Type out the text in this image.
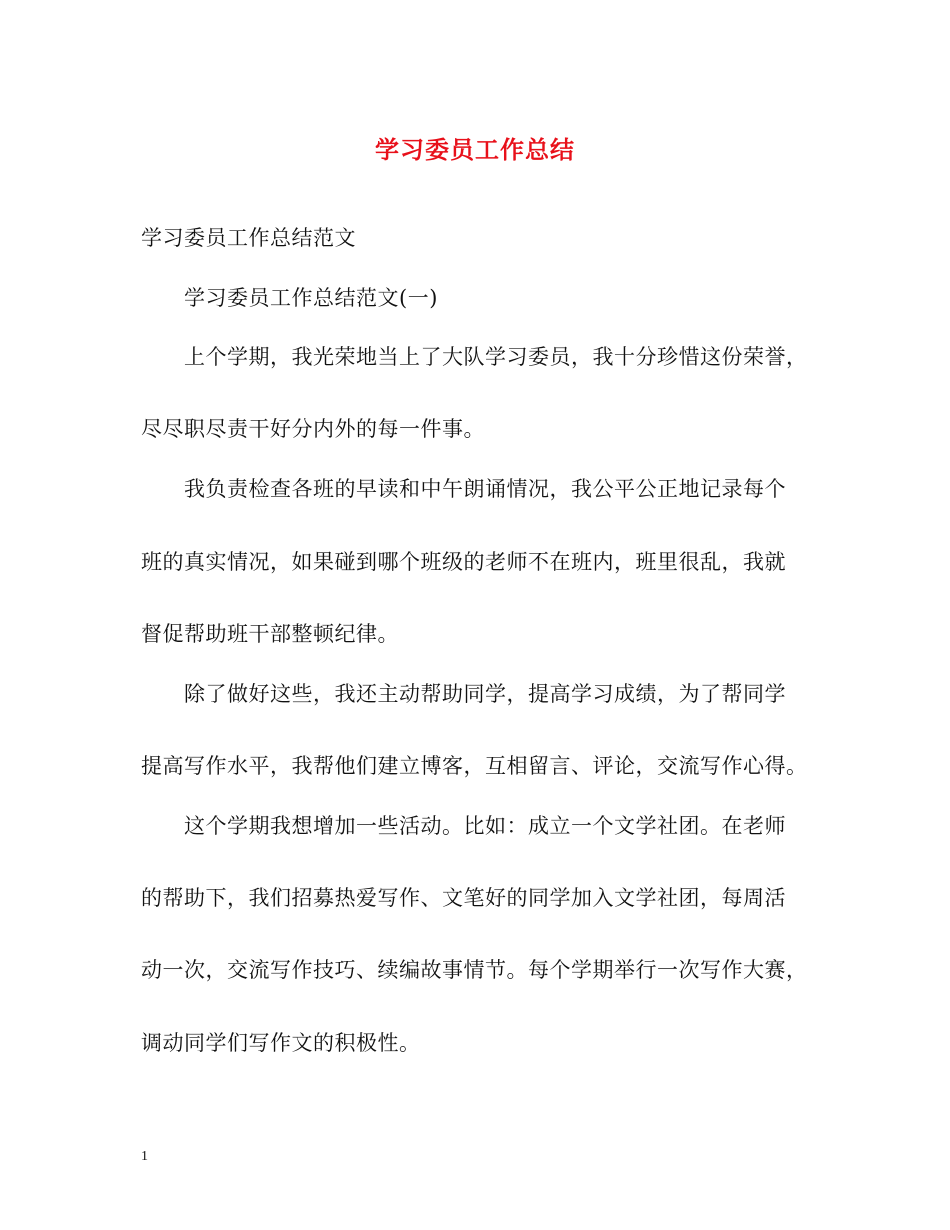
学习委员工作总结
学习委员工作总结范文
学习委员工作总结范文(一)
上个学期，我光荣地当上了大队学习委员，我十分珍惜这份荣誉，
尽尽职尽责干好分内外的每一件事。
我负责检查各班的早读和中午朗诵情况，我公平公正地记录每个
班的真实情况，如果碰到哪个班级的老师不在班内，班里很乱，我就
督促帮助班干部整顿纪律。
除了做好这些，我还主动帮助同学，提高学习成绩，为了帮同学
提高写作水平，我帮他们建立博客，互相留言、评论，交流写作心得。
这个学期我想增加一些活动。比如：成立一个文学社团。在老师
的帮助下，我们招募热爱写作、文笔好的同学加入文学社团，每周活
动一次，交流写作技巧、续编故事情节。每个学期举行一次写作大赛，
调动同学们写作文的积极性。
1
